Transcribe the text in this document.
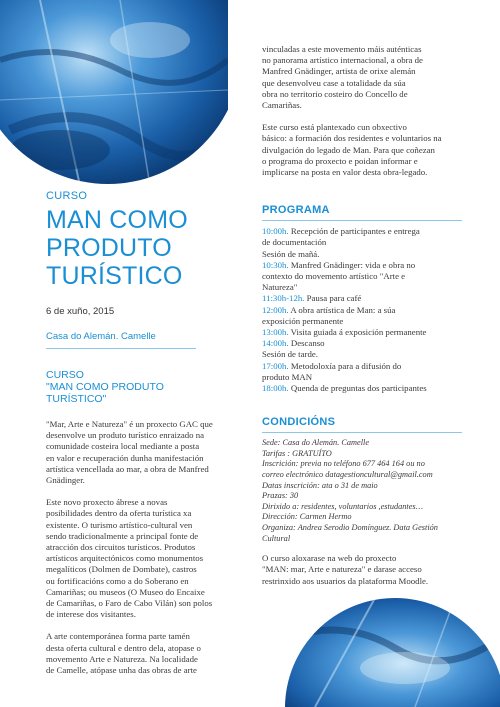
CURSO

MAN COMO
PRODUTO
TURÍSTICO

6 de xuño, 2015

Casa do Alemán. Camelle

CURSO

"MAN COMO PRODUTO

TURÍSTICO"

"Mar, Arte e Natureza" é un proxecto GAC que

desenvolve un produto turístico enraizado na

comunidade costeira local mediante a posta

en valor e recuperación dunha manifestación

artística vencellada ao mar, a obra de Manfred

Gnädinger.

Este novo proxecto ábrese a novas

posibilidades dentro da oferta turística xa

existente. O turismo artístico-cultural ven

sendo tradicionalmente a principal fonte de

atracción dos circuitos turísticos. Produtos

artísticos arquitectónicos como monumentos

megalíticos (Dolmen de Dombate), castros

ou fortificacións como a do Soberano en

Camariñas; ou museos (O Museo do Encaixe

de Camariñas, o Faro de Cabo Vilán) son polos

de interese dos visitantes.

A arte contemporánea forma parte tamén

desta oferta cultural e dentro dela, atopase o

movemento Arte e Natureza. Na localidade

de Camelle, atópase unha das obras de arte

vinculadas a este movemento máis auténticas

no panorama artístico internacional, a obra de

Manfred Gnädinger, artista de orixe alemán

que desenvolveu case a totalidade da súa

obra no territorio costeiro do Concello de

Camariñas.

Este curso está plantexado cun obxectivo

básico: a formación dos residentes e voluntarios na

divulgación do legado de Man. Para que coñezan

o programa do proxecto e poidan informar e

implicarse na posta en valor desta obra-legado.

PROGRAMA

10:00h. Recepción de participantes e entrega

de documentación

Sesión de mañá.

10:30h. Manfred Gnädinger: vida e obra no

contexto do movemento artístico "Arte e

Natureza"

11:30h-12h. Pausa para café

12:00h. A obra artística de Man: a súa

exposición permanente

13:00h. Visita guiada á exposición permanente

14:00h. Descanso

Sesión de tarde.

17:00h. Metodoloxía para a difusión do

produto MAN

18:00h. Quenda de preguntas dos participantes

CONDICIÓNS

Sede: Casa do Alemán. Camelle

Tarifas : GRATUÍTO

Inscrición: previa no teléfono 677 464 164 ou no

correo electrónico datagestioncultural@gmail.com

Datas inscrición: ata o 31 de maio

Prazas: 30

Dirixido a: residentes, voluntarios ,estudantes…

Dirección: Carmen Hermo

Organiza: Andrea Serodio Domínguez. Data Gestión

Cultural

O curso aloxarase na web do proxecto

"MAN: mar, Arte e natureza" e darase acceso

restrinxido aos usuarios da plataforma Moodle.
